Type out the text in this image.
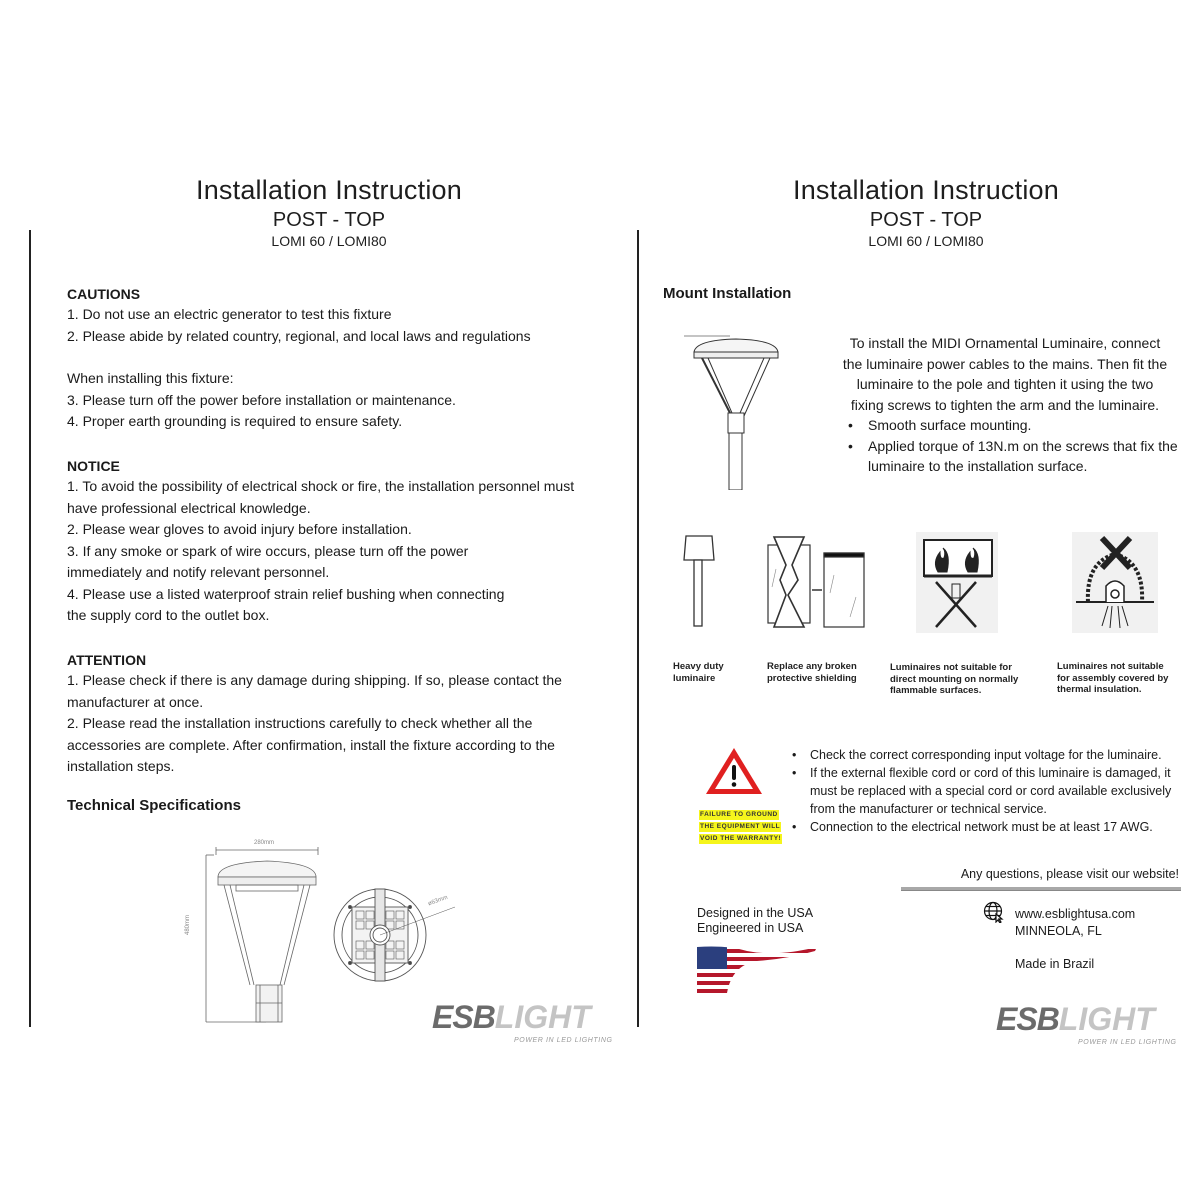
Installation Instruction
POST - TOP
LOMI 60 / LOMI80
CAUTIONS
1. Do not use an electric generator to test this fixture
2. Please abide by related country, regional, and local laws and regulations
When installing this fixture:
3. Please turn off the power before installation or maintenance.
4. Proper earth grounding is required to ensure safety.
NOTICE
1. To avoid the possibility of electrical shock or fire, the installation personnel must
have professional electrical knowledge.
2. Please wear gloves to avoid injury before installation.
3. If any smoke or spark of wire occurs, please turn off the power
immediately and notify relevant personnel.
4. Please use a listed waterproof strain relief bushing when connecting
the supply cord to the outlet box.
ATTENTION
1. Please check if there is any damage during shipping. If so, please contact the
manufacturer at once.
2. Please read the installation instructions carefully to check whether all the
accessories are complete. After confirmation, install the fixture according to the
installation steps.
Technical Specifications
280mm
480mm
ø63mm
ESBLIGHT
POWER IN LED LIGHTING
Installation Instruction
POST - TOP
LOMI 60 / LOMI80
Mount Installation
To install the MIDI Ornamental Luminaire, connect
the luminaire power cables to the mains. Then fit the
luminaire to the pole and tighten it using the two
fixing screws to tighten the arm and the luminaire.
• Smooth surface mounting.
• Applied torque of 13N.m on the screws that fix the luminaire to the installation surface.
Heavy duty
luminaire
Replace any broken
protective shielding
Luminaires not suitable for
direct mounting on normally
flammable surfaces.
Luminaires not suitable
for assembly covered by
thermal insulation.
FAILURE TO GROUND
THE EQUIPMENT WILL
VOID THE WARRANTY!
• Check the correct corresponding input voltage for the luminaire.
• If the external flexible cord or cord of this luminaire is damaged, it must be replaced with a special cord or cord available exclusively from the manufacturer or technical service.
• Connection to the electrical network must be at least 17 AWG.
Any questions, please visit our website!
Designed in the USA
Engineered in USA
www.esblightusa.com
MINNEOLA, FL
Made in Brazil
ESBLIGHT
POWER IN LED LIGHTING
